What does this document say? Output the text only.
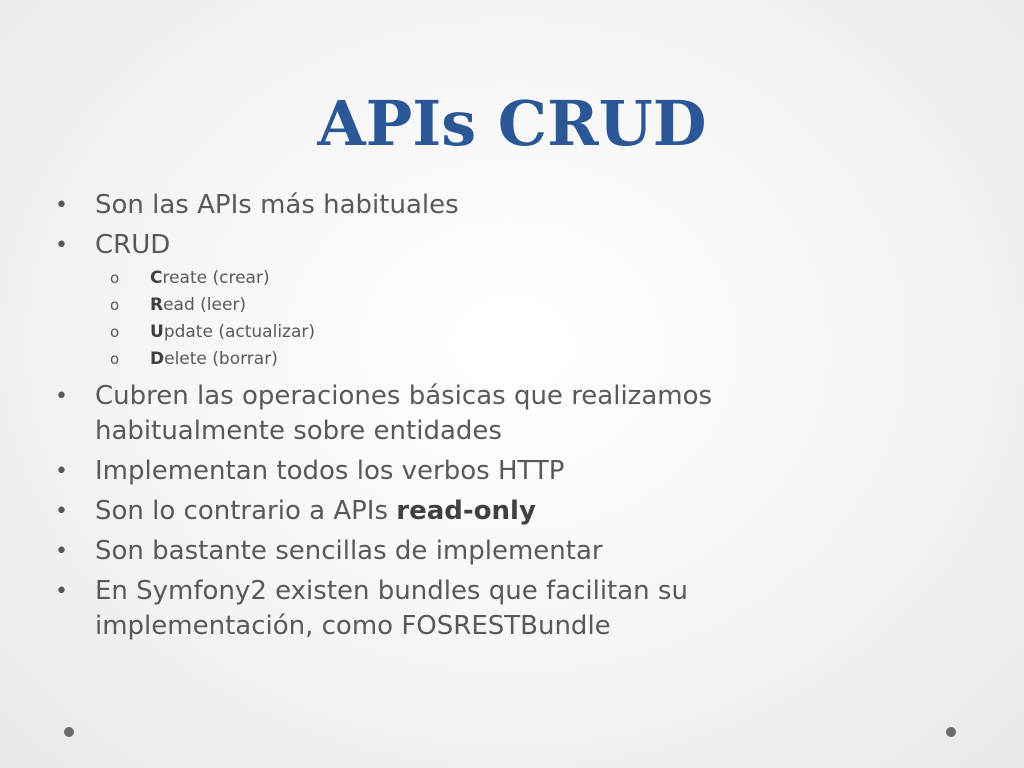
APIs CRUD
• Son las APIs más habituales
• CRUD
o Create (crear)
o Read (leer)
o Update (actualizar)
o Delete (borrar)
• Cubren las operaciones básicas que realizamos habitualmente sobre entidades
• Implementan todos los verbos HTTP
• Son lo contrario a APIs read-only
• Son bastante sencillas de implementar
• En Symfony2 existen bundles que facilitan su implementación, como FOSRESTBundle
